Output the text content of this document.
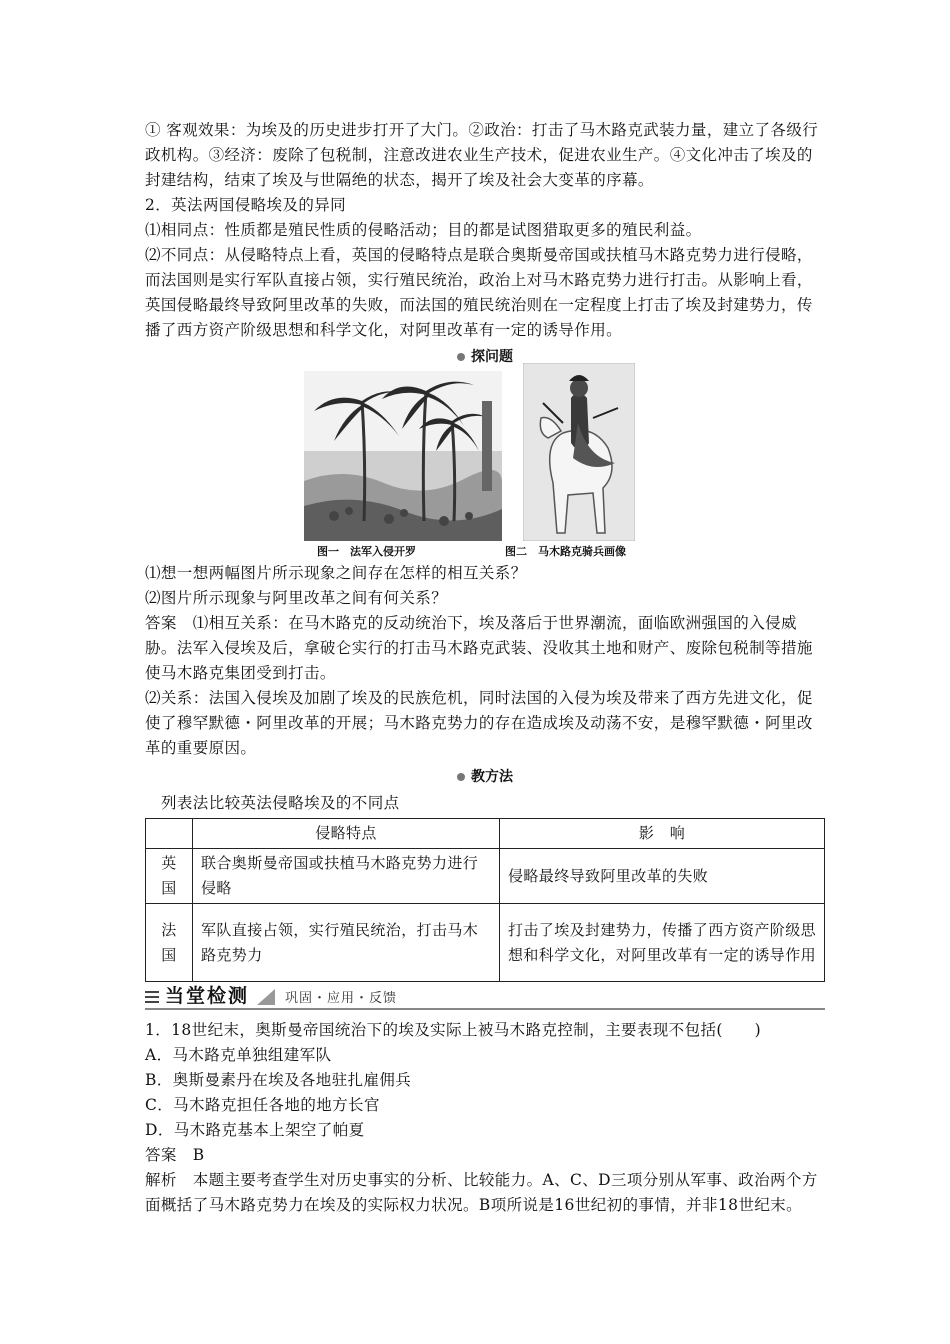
① 客观效果：为埃及的历史进步打开了大门。②政治：打击了马木路克武装力量，建立了各级行政机构。③经济：废除了包税制，注意改进农业生产技术，促进农业生产。④文化冲击了埃及的封建结构，结束了埃及与世隔绝的状态，揭开了埃及社会大变革的序幕。

2．英法两国侵略埃及的异同

⑴相同点：性质都是殖民性质的侵略活动；目的都是试图猎取更多的殖民利益。

⑵不同点：从侵略特点上看，英国的侵略特点是联合奥斯曼帝国或扶植马木路克势力进行侵略，而法国则是实行军队直接占领，实行殖民统治，政治上对马木路克势力进行打击。从影响上看，英国侵略最终导致阿里改革的失败，而法国的殖民统治则在一定程度上打击了埃及封建势力，传播了西方资产阶级思想和科学文化，对阿里改革有一定的诱导作用。

探问题
图一　法军入侵开罗	图二　马木路克骑兵画像

⑴想一想两幅图片所示现象之间存在怎样的相互关系？

⑵图片所示现象与阿里改革之间有何关系？

答案　⑴相互关系：在马木路克的反动统治下，埃及落后于世界潮流，面临欧洲强国的入侵威胁。法军入侵埃及后，拿破仑实行的打击马木路克武装、没收其土地和财产、废除包税制等措施使马木路克集团受到打击。

⑵关系：法国入侵埃及加剧了埃及的民族危机，同时法国的入侵为埃及带来了西方先进文化，促使了穆罕默德・阿里改革的开展；马木路克势力的存在造成埃及动荡不安，是穆罕默德・阿里改革的重要原因。

教方法

列表法比较英法侵略埃及的不同点

	侵略特点	影　响
英国	联合奥斯曼帝国或扶植马木路克势力进行侵略	侵略最终导致阿里改革的失败
法国	军队直接占领，实行殖民统治，打击马木路克势力	打击了埃及封建势力，传播了西方资产阶级思想和科学文化，对阿里改革有一定的诱导作用
当堂检测	巩固・应用・反馈

1．18世纪末，奥斯曼帝国统治下的埃及实际上被马木路克控制，主要表现不包括(　　)

A．马木路克单独组建军队

B．奥斯曼素丹在埃及各地驻扎雇佣兵

C．马木路克担任各地的地方长官

D．马木路克基本上架空了帕夏

答案　B

解析　本题主要考查学生对历史事实的分析、比较能力。A、C、D三项分别从军事、政治两个方面概括了马木路克势力在埃及的实际权力状况。B项所说是16世纪初的事情，并非18世纪末。
